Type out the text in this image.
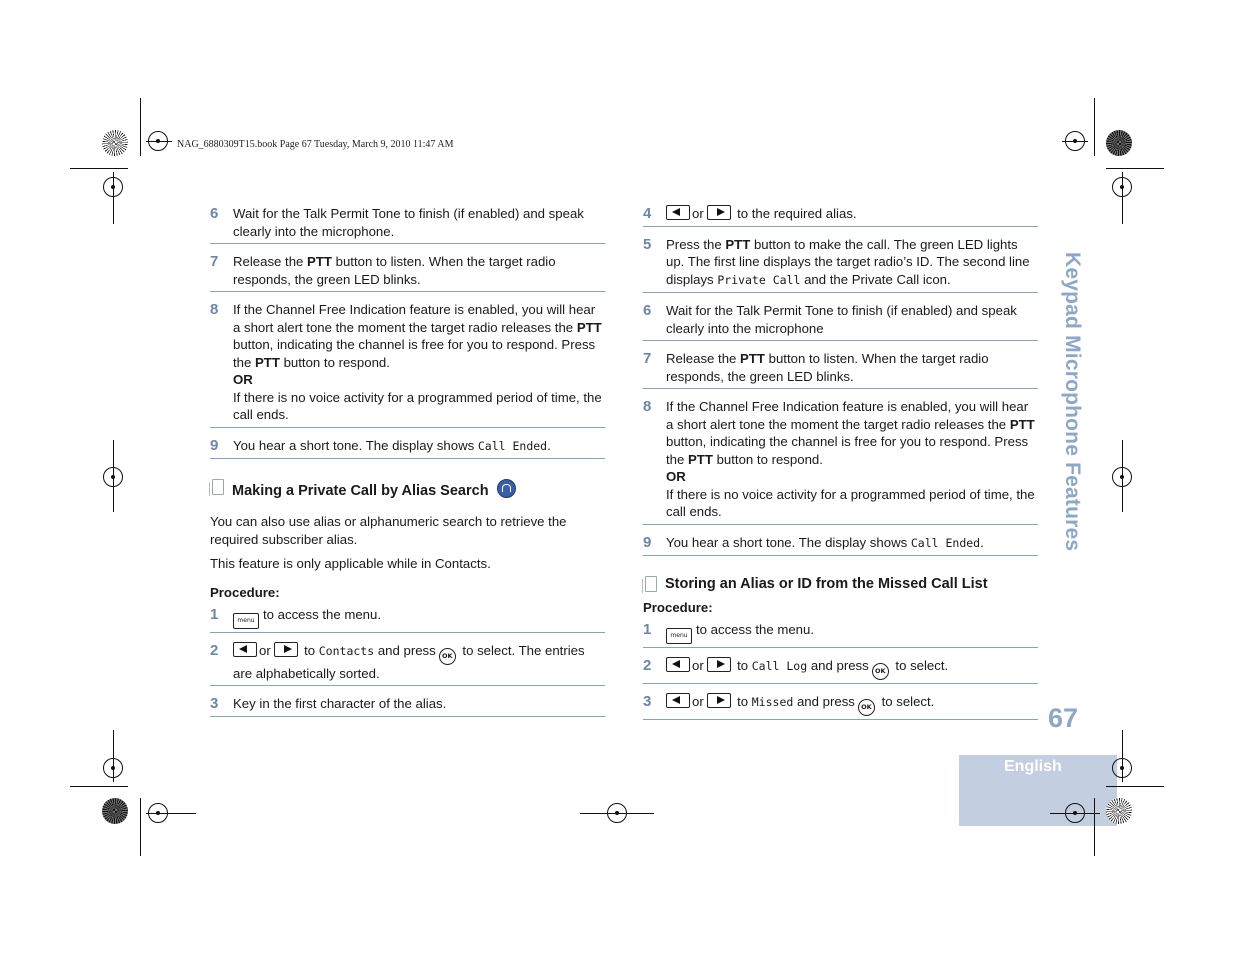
NAG_6880309T15.book Page 67 Tuesday, March 9, 2010 11:47 AM
6 Wait for the Talk Permit Tone to finish (if enabled) and speak clearly into the microphone.
7 Release the PTT button to listen. When the target radio responds, the green LED blinks.
8 If the Channel Free Indication feature is enabled, you will hear a short alert tone the moment the target radio releases the PTT button, indicating the channel is free for you to respond. Press the PTT button to respond.
OR
If there is no voice activity for a programmed period of time, the call ends.
9 You hear a short tone. The display shows Call Ended.
Making a Private Call by Alias Search
You can also use alias or alphanumeric search to retrieve the required subscriber alias.
This feature is only applicable while in Contacts.
Procedure:
1	menu to access the menu.
2	or	to Contacts and press OK to select. The entries are alphabetically sorted.
3 Key in the first character of the alias.
4	or	to the required alias.
5 Press the PTT button to make the call. The green LED lights up. The first line displays the target radio’s ID. The second line displays Private Call and the Private Call icon.
6 Wait for the Talk Permit Tone to finish (if enabled) and speak clearly into the microphone
7 Release the PTT button to listen. When the target radio responds, the green LED blinks.
8 If the Channel Free Indication feature is enabled, you will hear a short alert tone the moment the target radio releases the PTT button, indicating the channel is free for you to respond. Press the PTT button to respond.
OR
If there is no voice activity for a programmed period of time, the call ends.
9 You hear a short tone. The display shows Call Ended.
Storing an Alias or ID from the Missed Call List
Procedure:
1	menu to access the menu.
2	or	to Call Log and press OK to select.
3	or	to Missed and press OK to select.
Keypad Microphone Features
67
English
